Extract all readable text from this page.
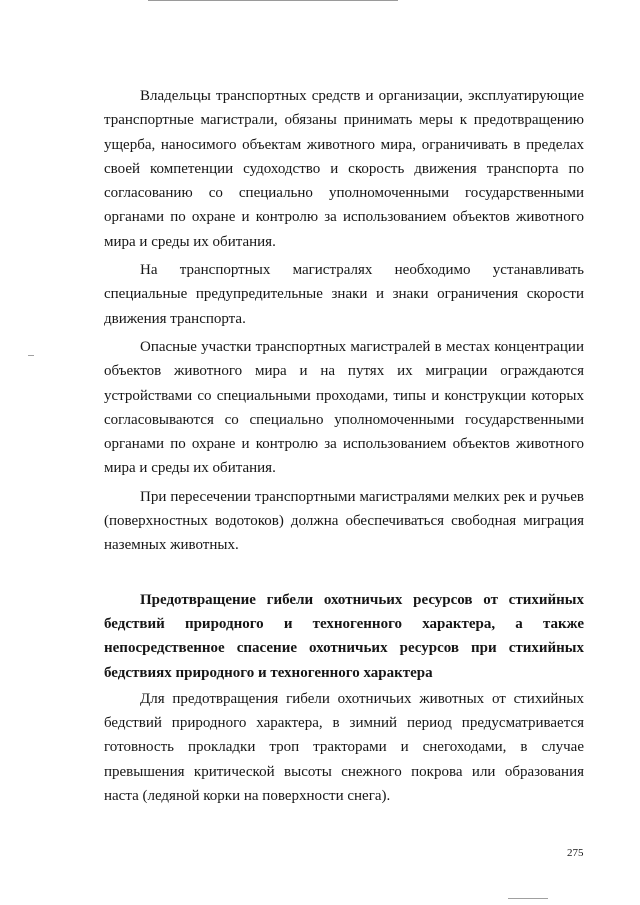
Владельцы транспортных средств и организации, эксплуатирующие транспортные магистрали, обязаны принимать меры к предотвращению ущерба, наносимого объектам животного мира, ограничивать в пределах своей компетенции судоходство и скорость движения транспорта по согласованию со специально уполномоченными государственными органами по охране и контролю за использованием объектов животного мира и среды их обитания.

На транспортных магистралях необходимо устанавливать специальные предупредительные знаки и знаки ограничения скорости движения транспорта.

Опасные участки транспортных магистралей в местах концентрации объектов животного мира и на путях их миграции ограждаются устройствами со специальными проходами, типы и конструкции которых согласовываются со специально уполномоченными государственными органами по охране и контролю за использованием объектов животного мира и среды их обитания.

При пересечении транспортными магистралями мелких рек и ручьев (поверхностных водотоков) должна обеспечиваться свободная миграция наземных животных.

Предотвращение гибели охотничьих ресурсов от стихийных бедствий природного и техногенного характера, а также непосредственное спасение охотничьих ресурсов при стихийных бедствиях природного и техногенного характера

Для предотвращения гибели охотничьих животных от стихийных бедствий природного характера, в зимний период предусматривается готовность прокладки троп тракторами и снегоходами, в случае превышения критической высоты снежного покрова или образования наста (ледяной корки на поверхности снега).

275
